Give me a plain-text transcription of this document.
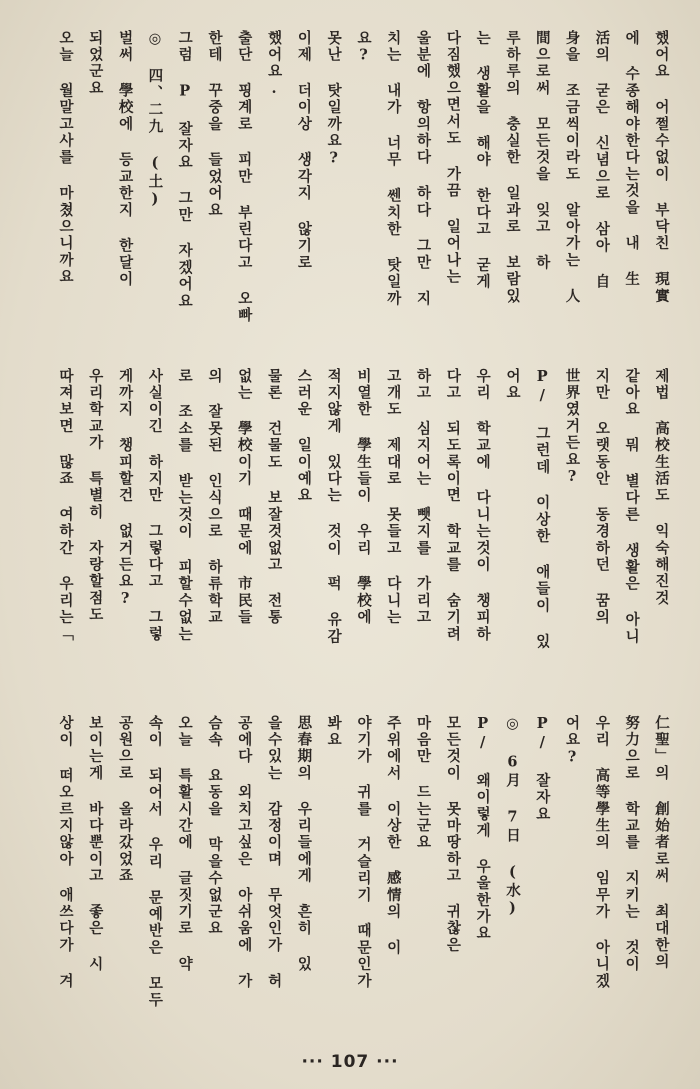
했어요 어쩔수없이 부닥친 現實
에 수종해야한다는것을 내 生
活의 굳은 신념으로 삼아 自
身을 조금씩이라도 알아가는 人
間으로써 모든것을 잊고 하
루하루의 충실한 일과로 보람있
는 생활을 해야 한다고 굳게
다짐했으면서도 가끔 일어나는
울분에 항의하다 하다 그만 지
치는 내가 너무 쎈치한 탓일까
요?
못난 탓일까요?
이제 더이상 생각지 않기로
했어요.
출단 핑계로 피만 부린다고 오빠
한테 꾸중을 들었어요
그럼 P 잘자요 그만 자겠어요
◎ 四、二九 (土)
벌써 學校에 등교한지 한달이
되었군요
오늘 월말고사를 마쳤으니까요
제법 高校生活도 익숙해진것
같아요 뭐 별다른 생활은 아니
지만 오랫동안 동경하던 꿈의
世界였거든요?
P/ 그런데 이상한 애들이 있
어요
우리 학교에 다니는것이 챙피하
다고 되도록이면 학교를 숨기려
하고 심지어는 뺏지를 가리고
고개도 제대로 못들고 다니는
비열한 學生들이 우리 學校에
적지않게 있다는 것이 퍽 유감
스러운 일이예요
물론 건물도 보잘것없고 전통
없는 學校이기 때문에 市民들
의 잘못된 인식으로 하류학교
로 조소를 받는것이 피할수없는
사실이긴 하지만 그렇다고 그렇
게까지 챙피할건 없거든요?
우리학교가 특별히 자랑할점도
따져보면 많죠 여하간 우리는「
仁聖」의 創始者로써 최대한의
努力으로 학교를 지키는 것이
우리 高等學生의 임무가 아니겠
어요?
P/ 잘자요
◎ 6月 7日 (水)
P/ 왜이렇게 우울한가요
모든것이 못마땅하고 귀찮은
마음만 드는군요
주위에서 이상한 感情의 이
야기가 귀를 거슬리기 때문인가
봐요
思春期의 우리들에게 흔히 있
을수있는 감정이며 무엇인가 허
공에다 외치고싶은 아쉬움에 가
슴속 요동을 막을수없군요
오늘 특활시간에 글짓기로 약
속이 되어서 우리 문예반은 모두
공원으로 올라갔었죠
보이는게 바다뿐이고 좋은 시
상이 떠오르지않아 애쓰다가 겨
··· 107 ···
